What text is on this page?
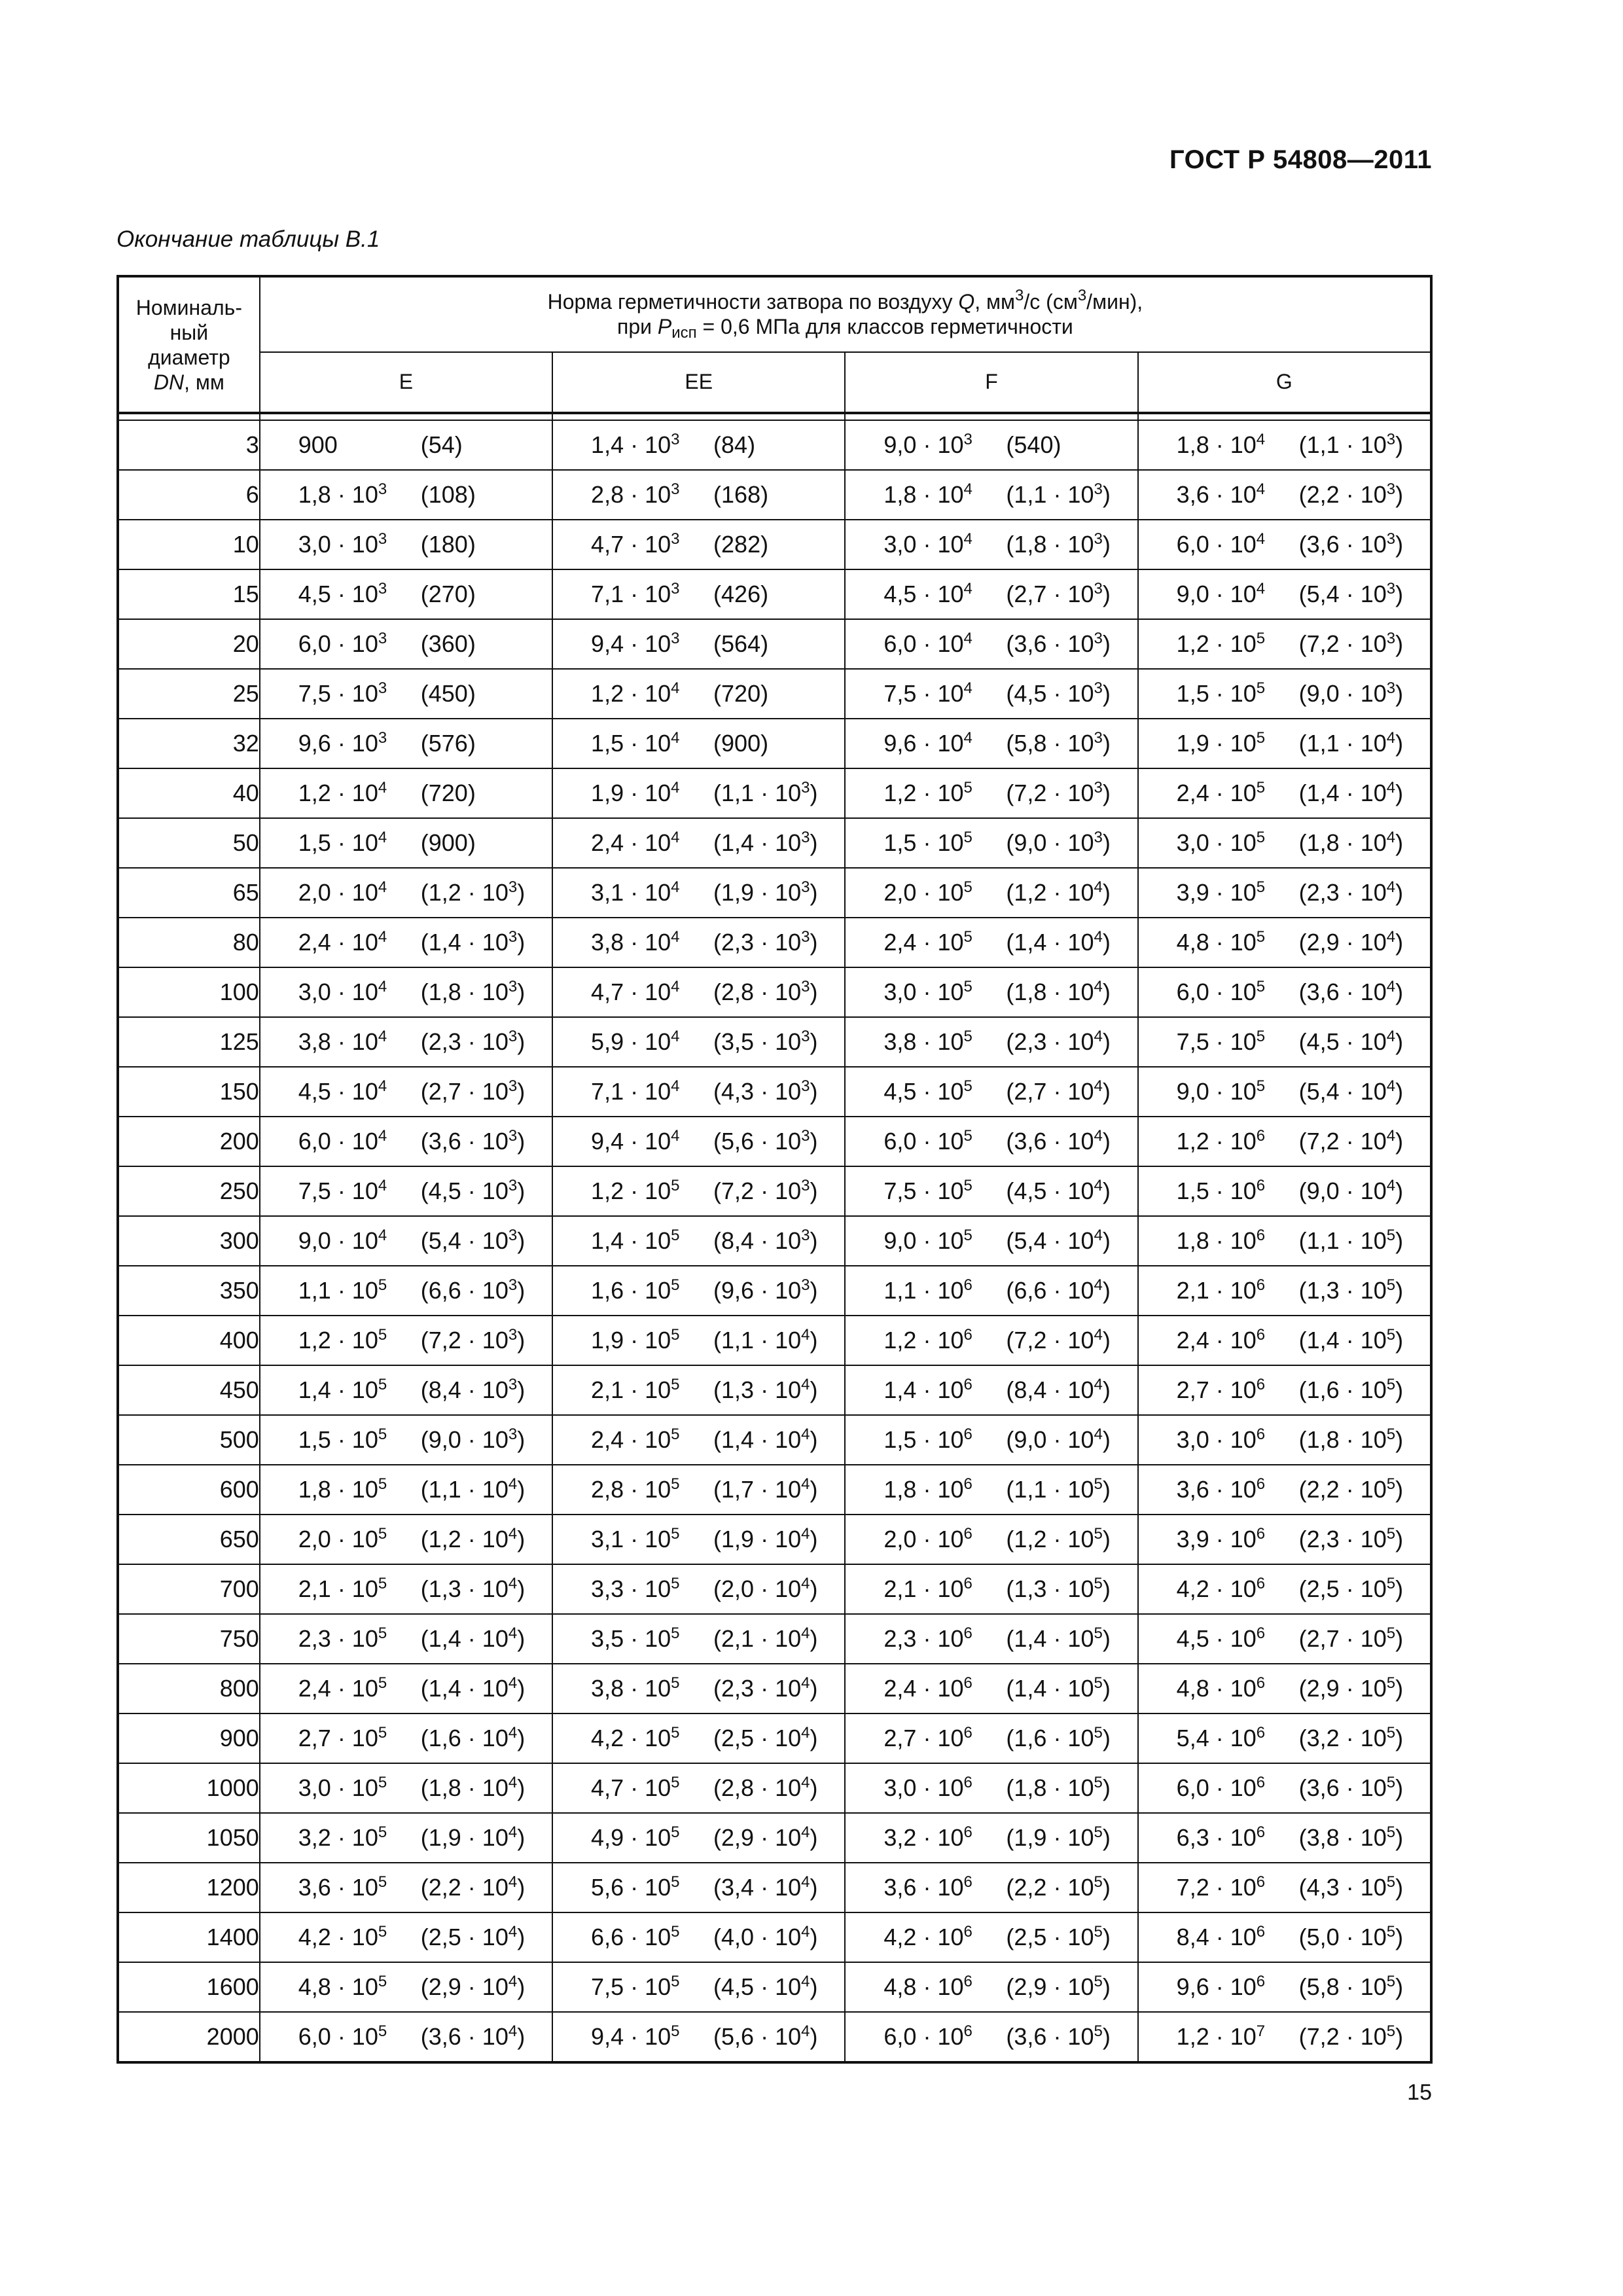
ГОСТ Р 54808—2011
Окончание таблицы В.1
Номиналь-
ный
диаметр
DN, мм	Норма герметичности затвора по воздуху Q, $мм^3/с$ $(см^3/мин)$,
при $P_{исп} = 0,6$ МПа для классов герметичности			
	E	EE	F	G

3	900 (54)	$1,4 \cdot 10^3$ (84)	$9,0 \cdot 10^3$ (540)	$1,8 \cdot 10^4$ $(1,1 \cdot 10^3)$

6	$1,8 \cdot 10^3$ (108)	$2,8 \cdot 10^3$ (168)	$1,8 \cdot 10^4$ $(1,1 \cdot 10^3)$	$3,6 \cdot 10^4$ $(2,2 \cdot 10^3)$

10	$3,0 \cdot 10^3$ (180)	$4,7 \cdot 10^3$ (282)	$3,0 \cdot 10^4$ $(1,8 \cdot 10^3)$	$6,0 \cdot 10^4$ $(3,6 \cdot 10^3)$

15	$4,5 \cdot 10^3$ (270)	$7,1 \cdot 10^3$ (426)	$4,5 \cdot 10^4$ $(2,7 \cdot 10^3)$	$9,0 \cdot 10^4$ $(5,4 \cdot 10^3)$

20	$6,0 \cdot 10^3$ (360)	$9,4 \cdot 10^3$ (564)	$6,0 \cdot 10^4$ $(3,6 \cdot 10^3)$	$1,2 \cdot 10^5$ $(7,2 \cdot 10^3)$

25	$7,5 \cdot 10^3$ (450)	$1,2 \cdot 10^4$ (720)	$7,5 \cdot 10^4$ $(4,5 \cdot 10^3)$	$1,5 \cdot 10^5$ $(9,0 \cdot 10^3)$

32	$9,6 \cdot 10^3$ (576)	$1,5 \cdot 10^4$ (900)	$9,6 \cdot 10^4$ $(5,8 \cdot 10^3)$	$1,9 \cdot 10^5$ $(1,1 \cdot 10^4)$

40	$1,2 \cdot 10^4$ (720)	$1,9 \cdot 10^4$ $(1,1 \cdot 10^3)$	$1,2 \cdot 10^5$ $(7,2 \cdot 10^3)$	$2,4 \cdot 10^5$ $(1,4 \cdot 10^4)$

50	$1,5 \cdot 10^4$ (900)	$2,4 \cdot 10^4$ $(1,4 \cdot 10^3)$	$1,5 \cdot 10^5$ $(9,0 \cdot 10^3)$	$3,0 \cdot 10^5$ $(1,8 \cdot 10^4)$

65	$2,0 \cdot 10^4$ $(1,2 \cdot 10^3)$	$3,1 \cdot 10^4$ $(1,9 \cdot 10^3)$	$2,0 \cdot 10^5$ $(1,2 \cdot 10^4)$	$3,9 \cdot 10^5$ $(2,3 \cdot 10^4)$

80	$2,4 \cdot 10^4$ $(1,4 \cdot 10^3)$	$3,8 \cdot 10^4$ $(2,3 \cdot 10^3)$	$2,4 \cdot 10^5$ $(1,4 \cdot 10^4)$	$4,8 \cdot 10^5$ $(2,9 \cdot 10^4)$

100	$3,0 \cdot 10^4$ $(1,8 \cdot 10^3)$	$4,7 \cdot 10^4$ $(2,8 \cdot 10^3)$	$3,0 \cdot 10^5$ $(1,8 \cdot 10^4)$	$6,0 \cdot 10^5$ $(3,6 \cdot 10^4)$

125	$3,8 \cdot 10^4$ $(2,3 \cdot 10^3)$	$5,9 \cdot 10^4$ $(3,5 \cdot 10^3)$	$3,8 \cdot 10^5$ $(2,3 \cdot 10^4)$	$7,5 \cdot 10^5$ $(4,5 \cdot 10^4)$

150	$4,5 \cdot 10^4$ $(2,7 \cdot 10^3)$	$7,1 \cdot 10^4$ $(4,3 \cdot 10^3)$	$4,5 \cdot 10^5$ $(2,7 \cdot 10^4)$	$9,0 \cdot 10^5$ $(5,4 \cdot 10^4)$

200	$6,0 \cdot 10^4$ $(3,6 \cdot 10^3)$	$9,4 \cdot 10^4$ $(5,6 \cdot 10^3)$	$6,0 \cdot 10^5$ $(3,6 \cdot 10^4)$	$1,2 \cdot 10^6$ $(7,2 \cdot 10^4)$

250	$7,5 \cdot 10^4$ $(4,5 \cdot 10^3)$	$1,2 \cdot 10^5$ $(7,2 \cdot 10^3)$	$7,5 \cdot 10^5$ $(4,5 \cdot 10^4)$	$1,5 \cdot 10^6$ $(9,0 \cdot 10^4)$

300	$9,0 \cdot 10^4$ $(5,4 \cdot 10^3)$	$1,4 \cdot 10^5$ $(8,4 \cdot 10^3)$	$9,0 \cdot 10^5$ $(5,4 \cdot 10^4)$	$1,8 \cdot 10^6$ $(1,1 \cdot 10^5)$

350	$1,1 \cdot 10^5$ $(6,6 \cdot 10^3)$	$1,6 \cdot 10^5$ $(9,6 \cdot 10^3)$	$1,1 \cdot 10^6$ $(6,6 \cdot 10^4)$	$2,1 \cdot 10^6$ $(1,3 \cdot 10^5)$

400	$1,2 \cdot 10^5$ $(7,2 \cdot 10^3)$	$1,9 \cdot 10^5$ $(1,1 \cdot 10^4)$	$1,2 \cdot 10^6$ $(7,2 \cdot 10^4)$	$2,4 \cdot 10^6$ $(1,4 \cdot 10^5)$

450	$1,4 \cdot 10^5$ $(8,4 \cdot 10^3)$	$2,1 \cdot 10^5$ $(1,3 \cdot 10^4)$	$1,4 \cdot 10^6$ $(8,4 \cdot 10^4)$	$2,7 \cdot 10^6$ $(1,6 \cdot 10^5)$

500	$1,5 \cdot 10^5$ $(9,0 \cdot 10^3)$	$2,4 \cdot 10^5$ $(1,4 \cdot 10^4)$	$1,5 \cdot 10^6$ $(9,0 \cdot 10^4)$	$3,0 \cdot 10^6$ $(1,8 \cdot 10^5)$

600	$1,8 \cdot 10^5$ $(1,1 \cdot 10^4)$	$2,8 \cdot 10^5$ $(1,7 \cdot 10^4)$	$1,8 \cdot 10^6$ $(1,1 \cdot 10^5)$	$3,6 \cdot 10^6$ $(2,2 \cdot 10^5)$

650	$2,0 \cdot 10^5$ $(1,2 \cdot 10^4)$	$3,1 \cdot 10^5$ $(1,9 \cdot 10^4)$	$2,0 \cdot 10^6$ $(1,2 \cdot 10^5)$	$3,9 \cdot 10^6$ $(2,3 \cdot 10^5)$

700	$2,1 \cdot 10^5$ $(1,3 \cdot 10^4)$	$3,3 \cdot 10^5$ $(2,0 \cdot 10^4)$	$2,1 \cdot 10^6$ $(1,3 \cdot 10^5)$	$4,2 \cdot 10^6$ $(2,5 \cdot 10^5)$

750	$2,3 \cdot 10^5$ $(1,4 \cdot 10^4)$	$3,5 \cdot 10^5$ $(2,1 \cdot 10^4)$	$2,3 \cdot 10^6$ $(1,4 \cdot 10^5)$	$4,5 \cdot 10^6$ $(2,7 \cdot 10^5)$

800	$2,4 \cdot 10^5$ $(1,4 \cdot 10^4)$	$3,8 \cdot 10^5$ $(2,3 \cdot 10^4)$	$2,4 \cdot 10^6$ $(1,4 \cdot 10^5)$	$4,8 \cdot 10^6$ $(2,9 \cdot 10^5)$

900	$2,7 \cdot 10^5$ $(1,6 \cdot 10^4)$	$4,2 \cdot 10^5$ $(2,5 \cdot 10^4)$	$2,7 \cdot 10^6$ $(1,6 \cdot 10^5)$	$5,4 \cdot 10^6$ $(3,2 \cdot 10^5)$

1000	$3,0 \cdot 10^5$ $(1,8 \cdot 10^4)$	$4,7 \cdot 10^5$ $(2,8 \cdot 10^4)$	$3,0 \cdot 10^6$ $(1,8 \cdot 10^5)$	$6,0 \cdot 10^6$ $(3,6 \cdot 10^5)$

1050	$3,2 \cdot 10^5$ $(1,9 \cdot 10^4)$	$4,9 \cdot 10^5$ $(2,9 \cdot 10^4)$	$3,2 \cdot 10^6$ $(1,9 \cdot 10^5)$	$6,3 \cdot 10^6$ $(3,8 \cdot 10^5)$

1200	$3,6 \cdot 10^5$ $(2,2 \cdot 10^4)$	$5,6 \cdot 10^5$ $(3,4 \cdot 10^4)$	$3,6 \cdot 10^6$ $(2,2 \cdot 10^5)$	$7,2 \cdot 10^6$ $(4,3 \cdot 10^5)$

1400	$4,2 \cdot 10^5$ $(2,5 \cdot 10^4)$	$6,6 \cdot 10^5$ $(4,0 \cdot 10^4)$	$4,2 \cdot 10^6$ $(2,5 \cdot 10^5)$	$8,4 \cdot 10^6$ $(5,0 \cdot 10^5)$

1600	$4,8 \cdot 10^5$ $(2,9 \cdot 10^4)$	$7,5 \cdot 10^5$ $(4,5 \cdot 10^4)$	$4,8 \cdot 10^6$ $(2,9 \cdot 10^5)$	$9,6 \cdot 10^6$ $(5,8 \cdot 10^5)$

2000	$6,0 \cdot 10^5$ $(3,6 \cdot 10^4)$	$9,4 \cdot 10^5$ $(5,6 \cdot 10^4)$	$6,0 \cdot 10^6$ $(3,6 \cdot 10^5)$	$1,2 \cdot 10^7$ $(7,2 \cdot 10^5)$
15
